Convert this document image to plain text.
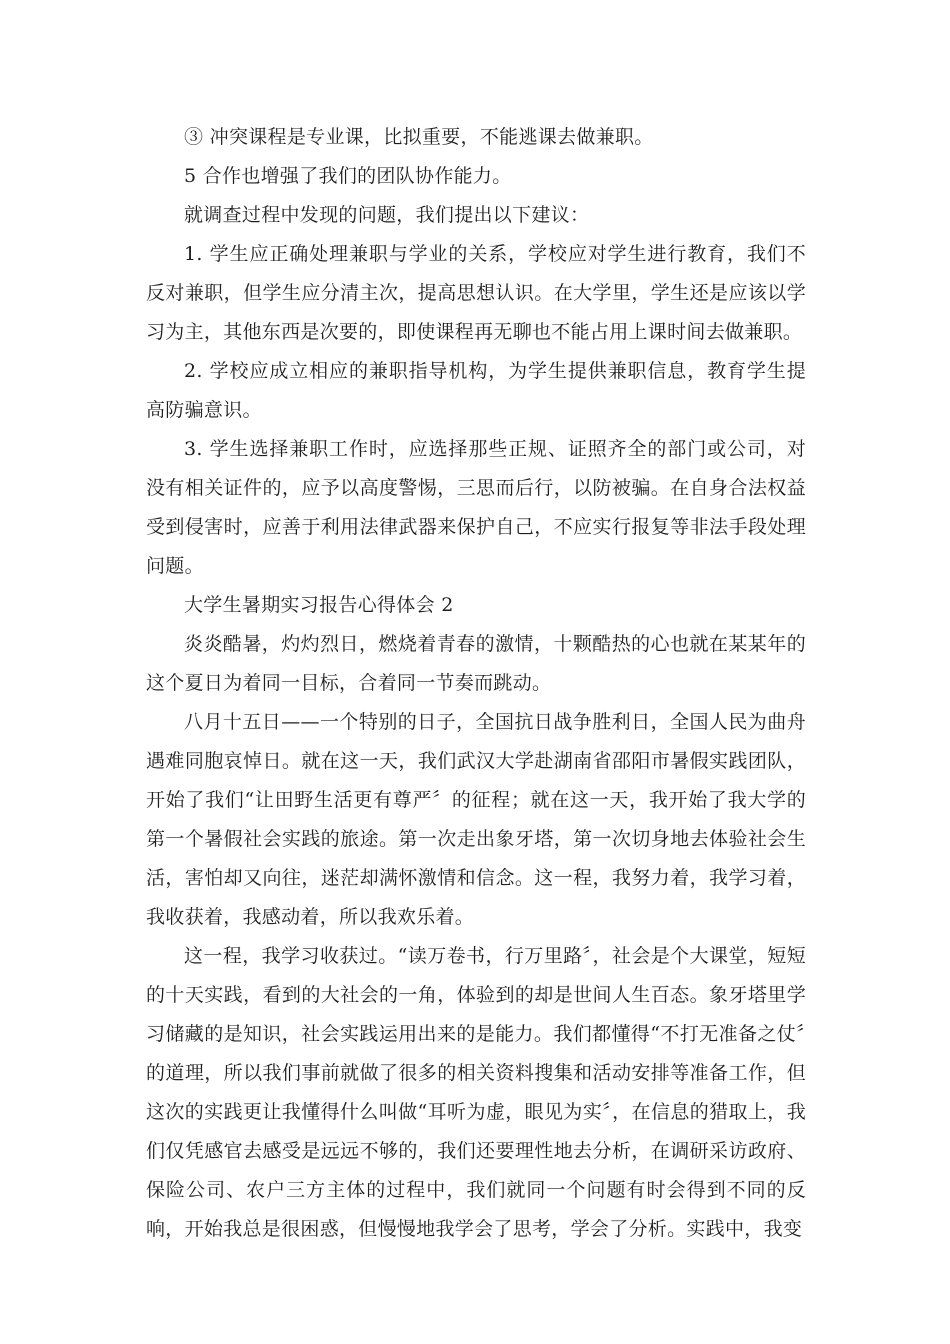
③ 冲突课程是专业课，比拟重要，不能逃课去做兼职。

5 合作也增强了我们的团队协作能力。

就调查过程中发现的问题，我们提出以下建议：

1. 学生应正确处理兼职与学业的关系，学校应对学生进行教育，我们不反对兼职，但学生应分清主次，提高思想认识。在大学里，学生还是应该以学习为主，其他东西是次要的，即使课程再无聊也不能占用上课时间去做兼职。

2. 学校应成立相应的兼职指导机构，为学生提供兼职信息，教育学生提高防骗意识。

3. 学生选择兼职工作时，应选择那些正规、证照齐全的部门或公司，对没有相关证件的，应予以高度警惕，三思而后行，以防被骗。在自身合法权益受到侵害时，应善于利用法律武器来保护自己，不应实行报复等非法手段处理问题。

大学生暑期实习报告心得体会 2

炎炎酷暑，灼灼烈日，燃烧着青春的激情，十颗酷热的心也就在某某年的这个夏日为着同一目标，合着同一节奏而跳动。

八月十五日——一个特别的日子，全国抗日战争胜利日，全国人民为曲舟遇难同胞哀悼日。就在这一天，我们武汉大学赴湖南省邵阳市暑假实践团队，开始了我们“让田野生活更有尊严〞的征程；就在这一天，我开始了我大学的第一个暑假社会实践的旅途。第一次走出象牙塔，第一次切身地去体验社会生活，害怕却又向往，迷茫却满怀激情和信念。这一程，我努力着，我学习着，我收获着，我感动着，所以我欢乐着。

这一程，我学习收获过。“读万卷书，行万里路〞，社会是个大课堂，短短的十天实践，看到的大社会的一角，体验到的却是世间人生百态。象牙塔里学习储藏的是知识，社会实践运用出来的是能力。我们都懂得“不打无准备之仗〞的道理，所以我们事前就做了很多的相关资料搜集和活动安排等准备工作，但这次的实践更让我懂得什么叫做“耳听为虚，眼见为实〞，在信息的猎取上，我们仅凭感官去感受是远远不够的，我们还要理性地去分析，在调研采访政府、保险公司、农户三方主体的过程中，我们就同一个问题有时会得到不同的反响，开始我总是很困惑，但慢慢地我学会了思考，学会了分析。实践中，我变
